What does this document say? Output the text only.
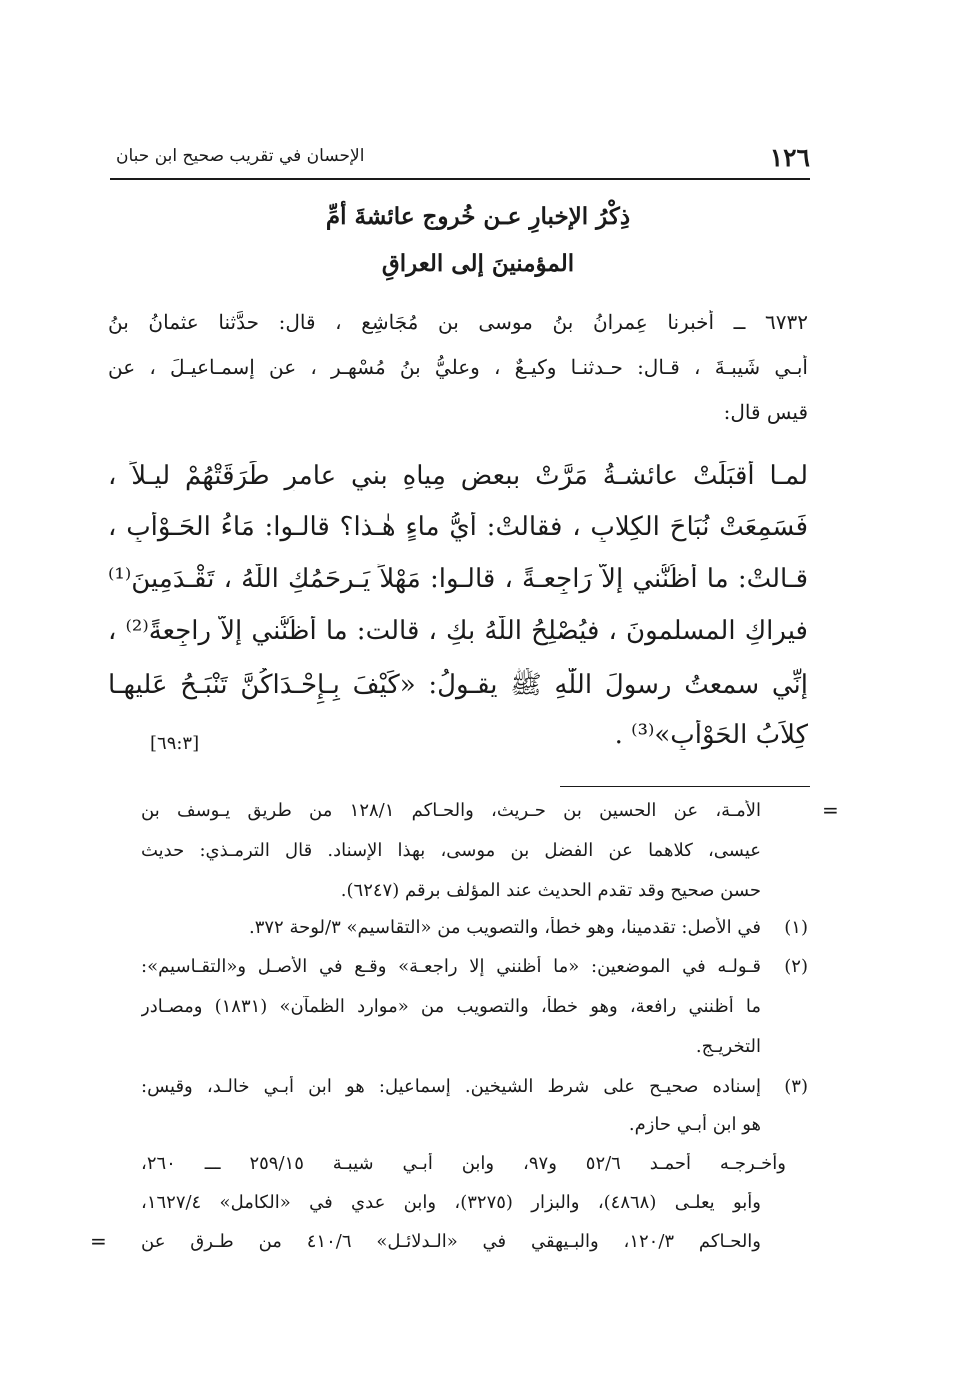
١٢٦
الإحسان في تقريب صحيح ابن حبان
ذِكْرُ الإخبارِ عـن خُروج عائشةَ أمِّ
المؤمنينَ إلى العراقِ
٦٧٣٢ ــ أخبرنا عِمرانُ بنُ موسى بنِ مُجَاشِعٍ ، قال: حدَّثنا عثمانُ بنُ
أبـي شَيبـةَ ، قـال: حـدثنـا وكيـعٌ ، وعليُّ بنُ مُسْهِـرٍ ، عن إسمـاعيـلَ ، عن
قيس قال:
لمـا أَقبَلَتْ عائشـةُ مَرَّتْ ببعضِ مِياهِ بني عامرٍ طَرَقَتْهُمْ ليـلاً ،
فَسَمِعَتْ نُبَاحَ الكِلابِ ، فقالتْ: أَيُّ ماءٍ هٰـذا؟ قالـوا: مَاءُ الحَـوْأَبِ ،
قـالتْ: ما أَظُنُّني إلاّ رَاجِعـةً ، قالـوا: مَهْلاً يَـرحَمُكِ اللّٰهُ ، تَقْـدَمِينَ⁽¹⁾
فيراكِ المسلمونَ ، فيُصْلِحُ اللّٰهُ بكِ ، قالت: ما أَظُنُّني إلاّ راجِعةً⁽²⁾ ،
إنِّي سمعتُ رسولَ اللّٰهِ ﷺ يقـولُ: «كَيْفَ بِـإِحْـدَاكُنَّ تَنْبَـحُ عَليهـا
كِلاَبُ الحَوْأَبِ»⁽³⁾ .
[٦٩:٣]
=
الأمـة، عن الحسين بن حـريث، والحـاكم ١٢٨/١ من طريق يـوسف بن
عيسى، كلاهما عن الفضل بن موسى، بهذا الإسناد. قال الترمـذي: حديث
حسن صحيح وقد تقدم الحديث عند المؤلف برقم (٦٢٤٧).
(١)
في الأصل: تقدمينا، وهو خطأ، والتصويب من «التقاسيم» ٣/لوحة ٣٧٢.
(٢)
قـولـه في الموضعين: «ما أظنني إلا راجعـة» وقـع في الأصـل و«التقـاسيم»:
ما أظنني رافعة، وهو خطأ، والتصويب من «موارد الظمآن» (١٨٣١) ومصـادر
التخريـج.
(٣)
إسناده صحيـح على شرط الشيخين. إسماعيل: هو ابن أبـي خالـد، وقيس:
هو ابن أبـي حازم.
وأخـرجـه أحمـد ٥٢/٦ و٩٧، وابن أبـي شيبـة ٢٥٩/١٥ ـــ ٢٦٠،
وأبو يعلـى (٤٨٦٨)، والبزار (٣٢٧٥)، وابن عدي في «الكامل» ١٦٢٧/٤،
والحـاكم ١٢٠/٣، والبـيهقي في «الـدلائـل» ٤١٠/٦ من طـرق عن
=
